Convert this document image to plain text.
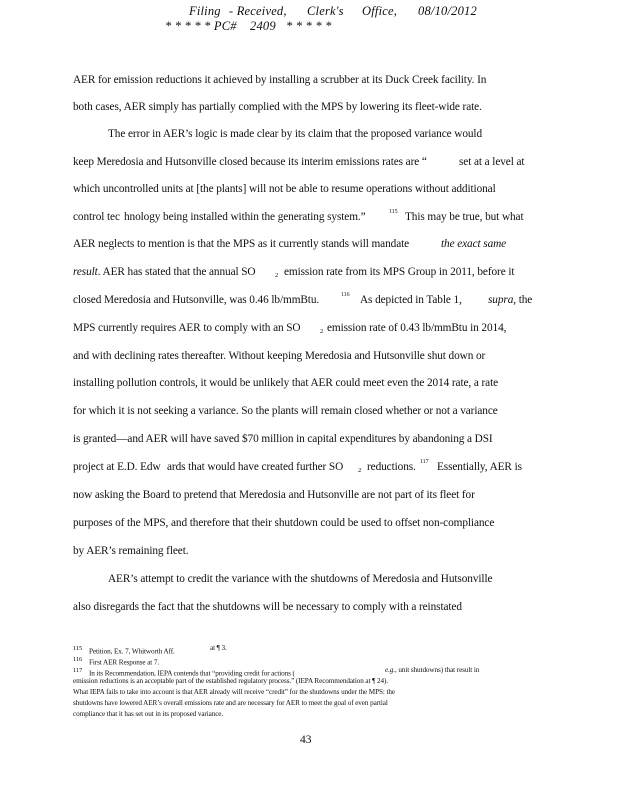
Filing - Received, Clerk's Office, 08/10/2012
* * * * * PC# 2409 * * * * *
AER for emission reductions it achieved by installing a scrubber at its Duck Creek facility. In
both cases, AER simply has partially complied with the MPS by lowering its fleet-wide rate.
The error in AER’s logic is made clear by its claim that the proposed variance would
keep Meredosia and Hutsonville closed because its interim emissions rates are “	set at a level at
which uncontrolled units at [the plants] will not be able to resume operations without additional
control tec hnology being installed within the generating system.”	$^{115}$ This may be true, but what
AER neglects to mention is that the MPS as it currently stands will mandate	the exact same
result. AER has stated that the annual SO	2 emission rate from its MPS Group in 2011, before it
closed Meredosia and Hutsonville, was 0.46 lb/mmBtu.	$^{116}$ As depicted in Table 1, supra, the
MPS currently requires AER to comply with an SO	2 emission rate of 0.43 lb/mmBtu in 2014,
and with declining rates thereafter. Without keeping Meredosia and Hutsonville shut down or
installing pollution controls, it would be unlikely that AER could meet even the 2014 rate, a rate
for which it is not seeking a variance. So the plants will remain closed whether or not a variance
is granted—and AER will have saved $70 million in capital expenditures by abandoning a DSI
project at E.D. Edw ards that would have created further SO 2 reductions. $^{117}$ Essentially, AER is
now asking the Board to pretend that Meredosia and Hutsonville are not part of its fleet for
purposes of the MPS, and therefore that their shutdown could be used to offset non-compliance
by AER’s remaining fleet.
AER’s attempt to credit the variance with the shutdowns of Meredosia and Hutsonville
also disregards the fact that the shutdowns will be necessary to comply with a reinstated
115 Petition, Ex. 7, Whitworth Aff.	at ¶ 3.
116 First AER Response at 7.
117 In its Recommendation, IEPA contends that “providing credit for actions (	e.g., unit shutdowns) that result in
emission reductions is an acceptable part of the established regulatory process.” (IEPA Recommendation at ¶ 24).
What IEPA fails to take into account is that AER already will receive “credit” for the shutdowns under the MPS: the
shutdowns have lowered AER’s overall emissions rate and are necessary for AER to meet the goal of even partial
compliance that it has set out in its proposed variance.
43
